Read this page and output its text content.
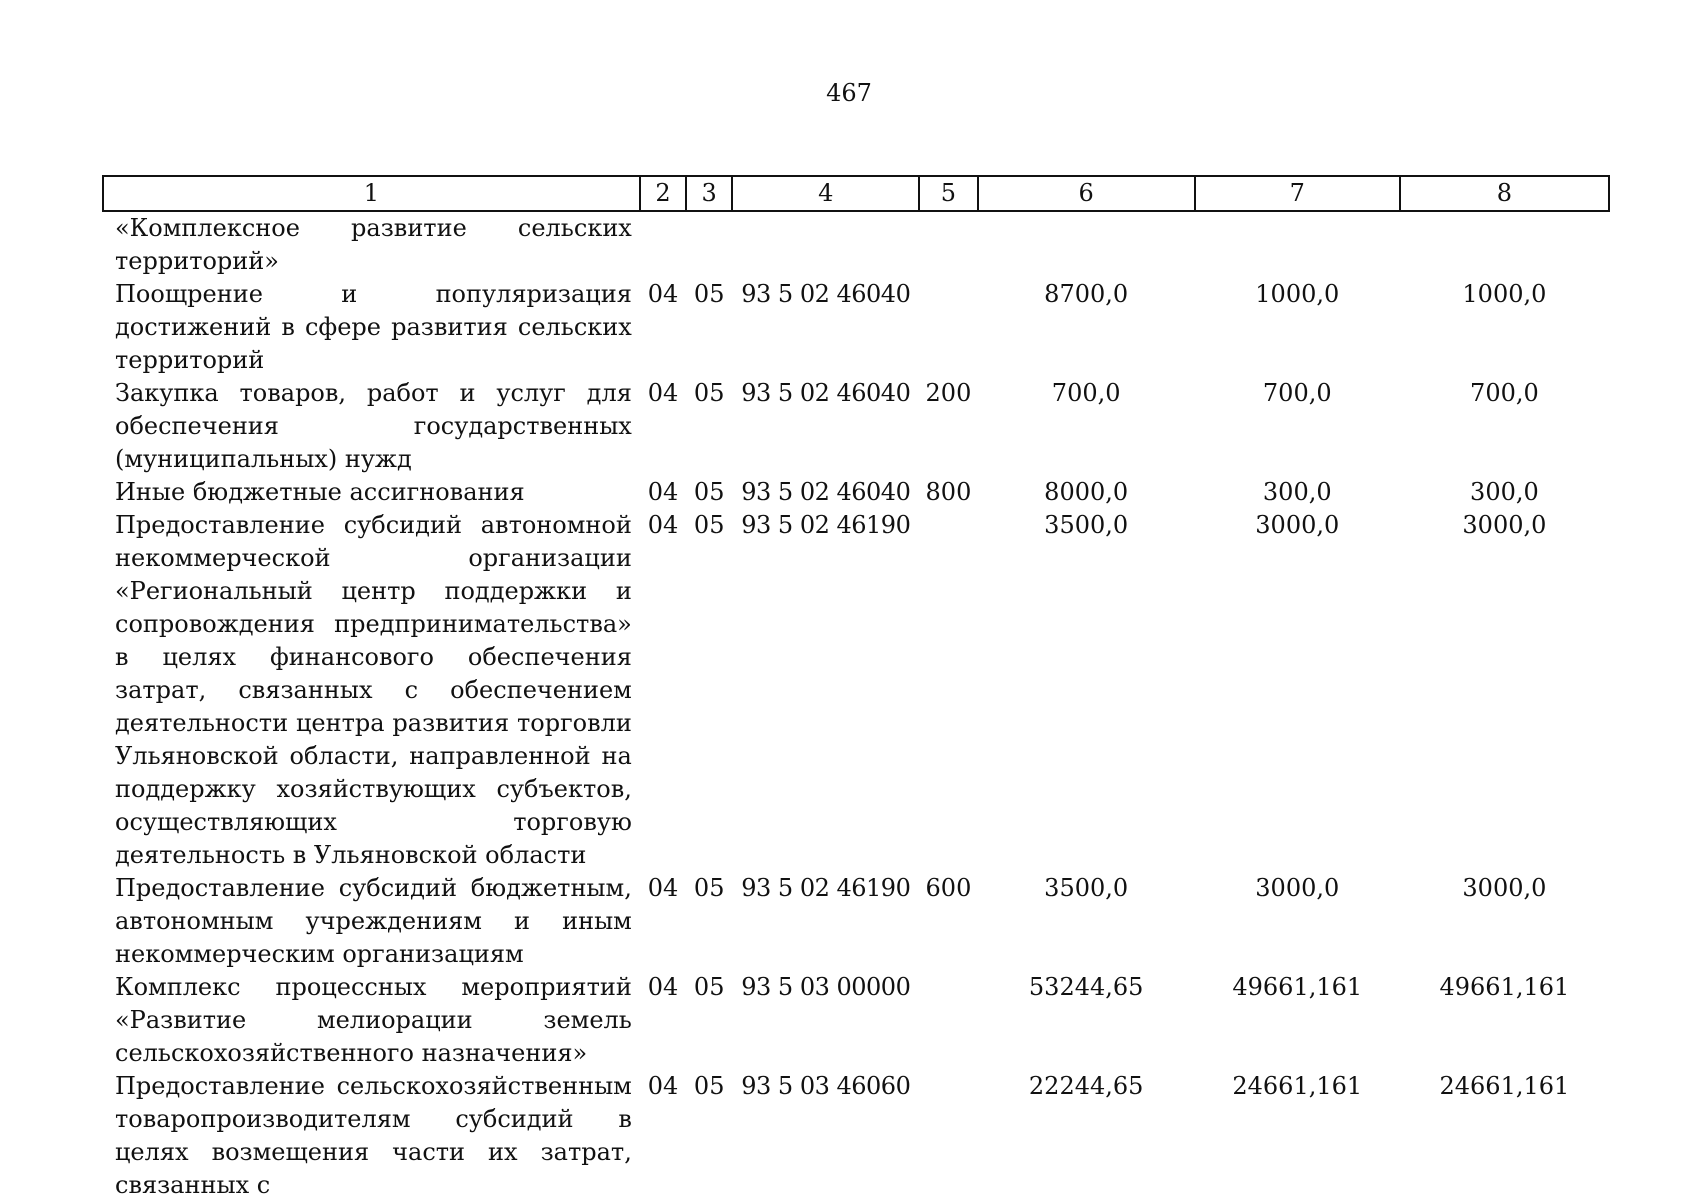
467
1	2	3	4	5	6	7	8
«Комплексное развитие сельских территорий»							
Поощрение и популяризация достижений в сфере развития сельских территорий	04	05	93 5 02 46040		8700,0	1000,0	1000,0
Закупка товаров, работ и услуг для обеспечения государственных (муниципальных) нужд	04	05	93 5 02 46040	200	700,0	700,0	700,0
Иные бюджетные ассигнования	04	05	93 5 02 46040	800	8000,0	300,0	300,0
Предоставление субсидий автономной некоммерческой организации «Региональный центр поддержки и сопровождения предпринимательства» в целях финансового обеспечения затрат, связанных с обеспечением деятельности центра развития торговли Ульяновской области, направленной на поддержку хозяйствующих субъектов, осуществляющих торговую деятельность в Ульяновской области	04	05	93 5 02 46190		3500,0	3000,0	3000,0
Предоставление субсидий бюджетным, автономным учреждениям и иным некоммерческим организациям	04	05	93 5 02 46190	600	3500,0	3000,0	3000,0
Комплекс процессных мероприятий «Развитие мелиорации земель сельскохозяйственного назначения»	04	05	93 5 03 00000		53244,65	49661,161	49661,161
Предоставление сельскохозяйственным товаропроизводителям субсидий в целях возмещения части их затрат, связанных с	04	05	93 5 03 46060		22244,65	24661,161	24661,161
